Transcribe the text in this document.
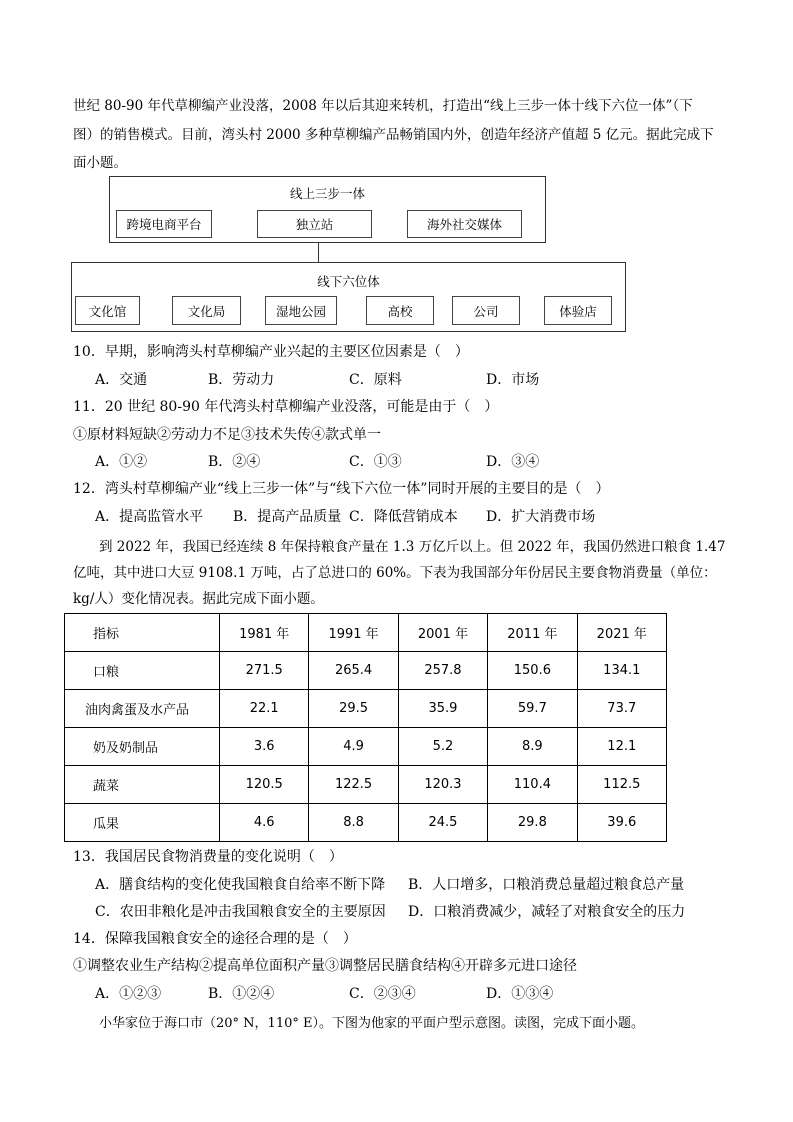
世纪 80-90 年代草柳编产业没落，2008 年以后其迎来转机，打造出“线上三步一体十线下六位一体”（下
图）的销售模式。目前，湾头村 2000 多种草柳编产品畅销国内外，创造年经济产值超 5 亿元。据此完成下
面小题。
线上三步一体
跨境电商平台	独立站	海外社交媒体
线下六位体
文化馆	文化局	湿地公园	高校	公司	体验店
10．早期，影响湾头村草柳编产业兴起的主要区位因素是（　）
A．交通	B．劳动力	C．原料	D．市场
11．20 世纪 80-90 年代湾头村草柳编产业没落，可能是由于（　）
①原材料短缺②劳动力不足③技术失传④款式单一
A．①②	B．②④	C．①③	D．③④
12．湾头村草柳编产业“线上三步一体”与“线下六位一体”同时开展的主要目的是（　）
A．提高监管水平 B．提高产品质量 C．降低营销成本 D．扩大消费市场
到 2022 年，我国已经连续 8 年保持粮食产量在 1.3 万亿斤以上。但 2022 年，我国仍然进口粮食 1.47
亿吨，其中进口大豆 9108.1 万吨，占了总进口的 60%。下表为我国部分年份居民主要食物消费量（单位：
kg/人）变化情况表。据此完成下面小题。
指标	1981 年	1991 年	2001 年	2011 年	2021 年
口粮	271.5	265.4	257.8	150.6	134.1
油肉禽蛋及水产品	22.1	29.5	35.9	59.7	73.7
奶及奶制品	3.6	4.9	5.2	8.9	12.1
蔬菜	120.5	122.5	120.3	110.4	112.5
瓜果	4.6	8.8	24.5	29.8	39.6
13．我国居民食物消费量的变化说明（　）
A．膳食结构的变化使我国粮食自给率不断下降 B．人口增多，口粮消费总量超过粮食总产量
C．农田非粮化是冲击我国粮食安全的主要原因 D．口粮消费减少，减轻了对粮食安全的压力
14．保障我国粮食安全的途径合理的是（　）
①调整农业生产结构②提高单位面积产量③调整居民膳食结构④开辟多元进口途径
A．①②③	B．①②④	C．②③④	D．①③④
小华家位于海口市（20° N，110° E）。下图为他家的平面户型示意图。读图，完成下面小题。
